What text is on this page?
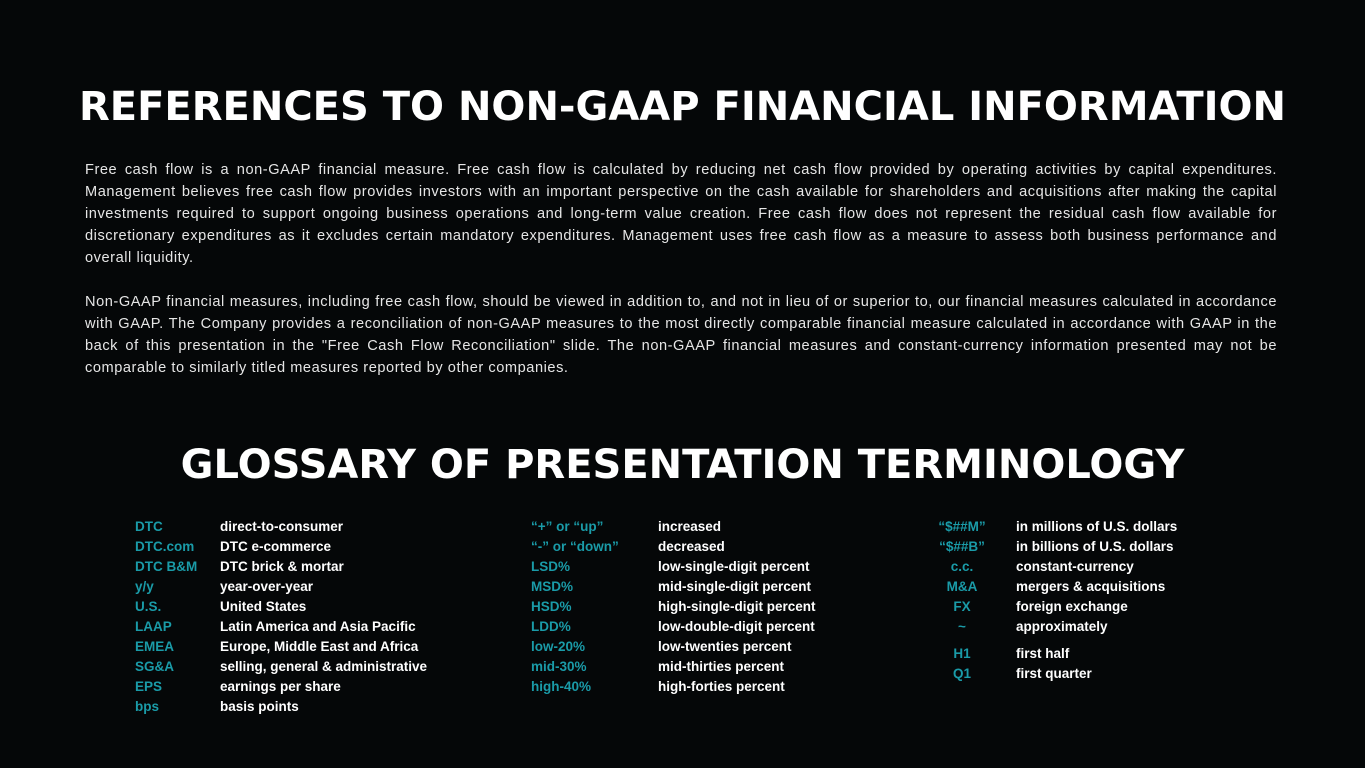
REFERENCES TO NON-GAAP FINANCIAL INFORMATION

Free cash flow is a non-GAAP financial measure. Free cash flow is calculated by reducing net cash flow provided by operating activities by capital expenditures. Management believes free cash flow provides investors with an important perspective on the cash available for shareholders and acquisitions after making the capital investments required to support ongoing business operations and long-term value creation. Free cash flow does not represent the residual cash flow available for discretionary expenditures as it excludes certain mandatory expenditures. Management uses free cash flow as a measure to assess both business performance and overall liquidity.

Non-GAAP financial measures, including free cash flow, should be viewed in addition to, and not in lieu of or superior to, our financial measures calculated in accordance with GAAP. The Company provides a reconciliation of non-GAAP measures to the most directly comparable financial measure calculated in accordance with GAAP in the back of this presentation in the "Free Cash Flow Reconciliation" slide. The non-GAAP financial measures and constant-currency information presented may not be comparable to similarly titled measures reported by other companies.

GLOSSARY OF PRESENTATION TERMINOLOGY
DTC	direct-to-consumer
DTC.com	DTC e-commerce
DTC B&M	DTC brick & mortar
y/y	year-over-year
U.S.	United States
LAAP	Latin America and Asia Pacific
EMEA	Europe, Middle East and Africa
SG&A	selling, general & administrative
EPS	earnings per share
bps	basis points
“+” or “up”	increased
“-” or “down”	decreased
LSD%	low-single-digit percent
MSD%	mid-single-digit percent
HSD%	high-single-digit percent
LDD%	low-double-digit percent
low-20%	low-twenties percent
mid-30%	mid-thirties percent
high-40%	high-forties percent
“$##M”	in millions of U.S. dollars
“$##B”	in billions of U.S. dollars
c.c.	constant-currency
M&A	mergers & acquisitions
FX	foreign exchange
~	approximately
H1	first half
Q1	first quarter
